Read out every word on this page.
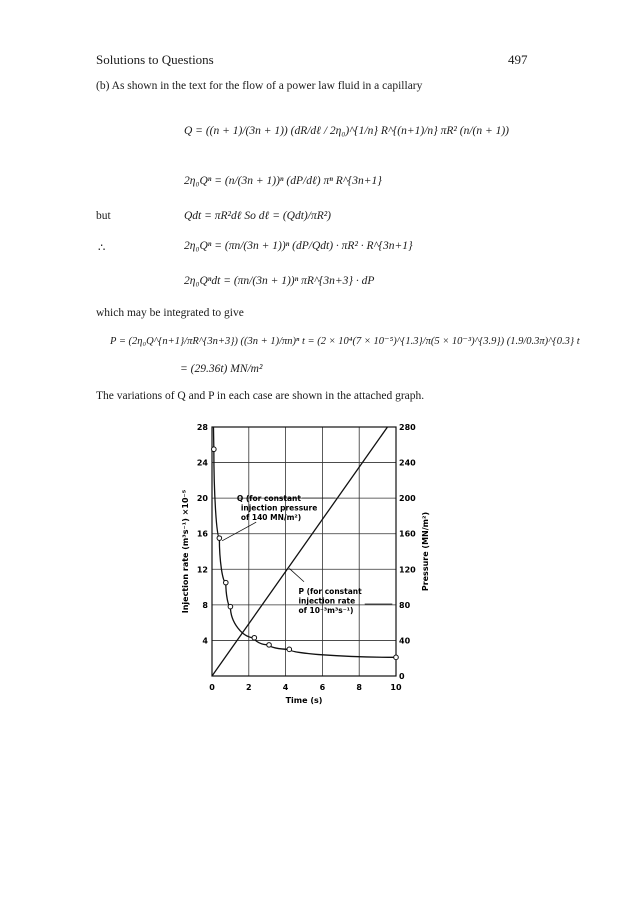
Solutions to Questions	497
(b) As shown in the text for the flow of a power law fluid in a capillary
Q = ((n + 1)/(3n + 1)) (dR/dℓ / 2η₀)^{1/n} R^{(n+1)/n} πR² (n/(n + 1))
2η₀Qⁿ = (n/(3n + 1))ⁿ (dP/dℓ) πⁿ R^{3n+1}
but	Qdt = πR²dℓ So dℓ = (Qdt)/πR²)
∴	2η₀Qⁿ = (πn/(3n + 1))ⁿ (dP/Qdt) · πR² · R^{3n+1}
2η₀Qⁿdt = (πn/(3n + 1))ⁿ πR^{3n+3} · dP
which may be integrated to give
P = (2η₀Q^{n+1}/πR^{3n+3}) ((3n + 1)/πn)ⁿ t = (2 × 10⁴(7 × 10⁻⁵)^{1.3}/π(5 × 10⁻³)^{3.9}) (1.9/0.3π)^{0.3} t
= (29.36t) MN/m²
The variations of Q and P in each case are shown in the attached graph.
0	2	4	6	8	10
4
8
12
16
20
24
28
0
40
80
120
160
200
240
280
Time (s)
Injection rate (m³s⁻¹) ×10⁻⁵	Pressure (MN/m²)
Q (for constant
injection pressure
of 140 MN/m²)
P (for constant
injection rate
of 10⁻³m³s⁻¹)
